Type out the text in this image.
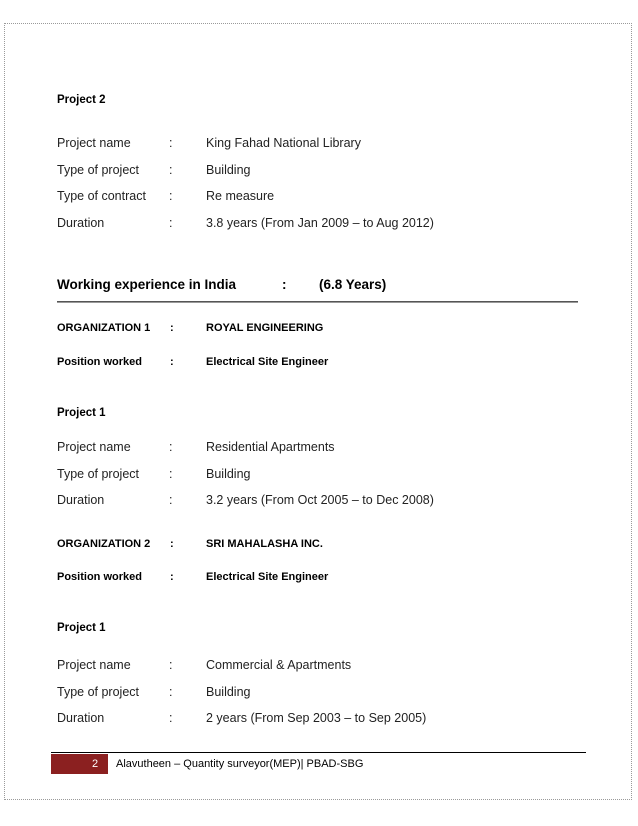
Project 2
Project name	:	King Fahad National Library
Type of project :	Building
Type of contract :	Re measure
Duration	:	3.8 years (From Jan 2009 – to Aug 2012)
Working experience in India	: (6.8 Years)
ORGANIZATION 1 :	ROYAL ENGINEERING
Position worked	:	Electrical Site Engineer
Project 1
Project name	:	Residential Apartments
Type of project :	Building
Duration	:	3.2 years (From Oct 2005 – to Dec 2008)
ORGANIZATION 2 :	SRI MAHALASHA INC.
Position worked	:	Electrical Site Engineer
Project 1
Project name	:	Commercial & Apartments
Type of project :	Building
Duration	:	2 years (From Sep 2003 – to Sep 2005)
2 Alavutheen – Quantity surveyor(MEP)| PBAD-SBG
